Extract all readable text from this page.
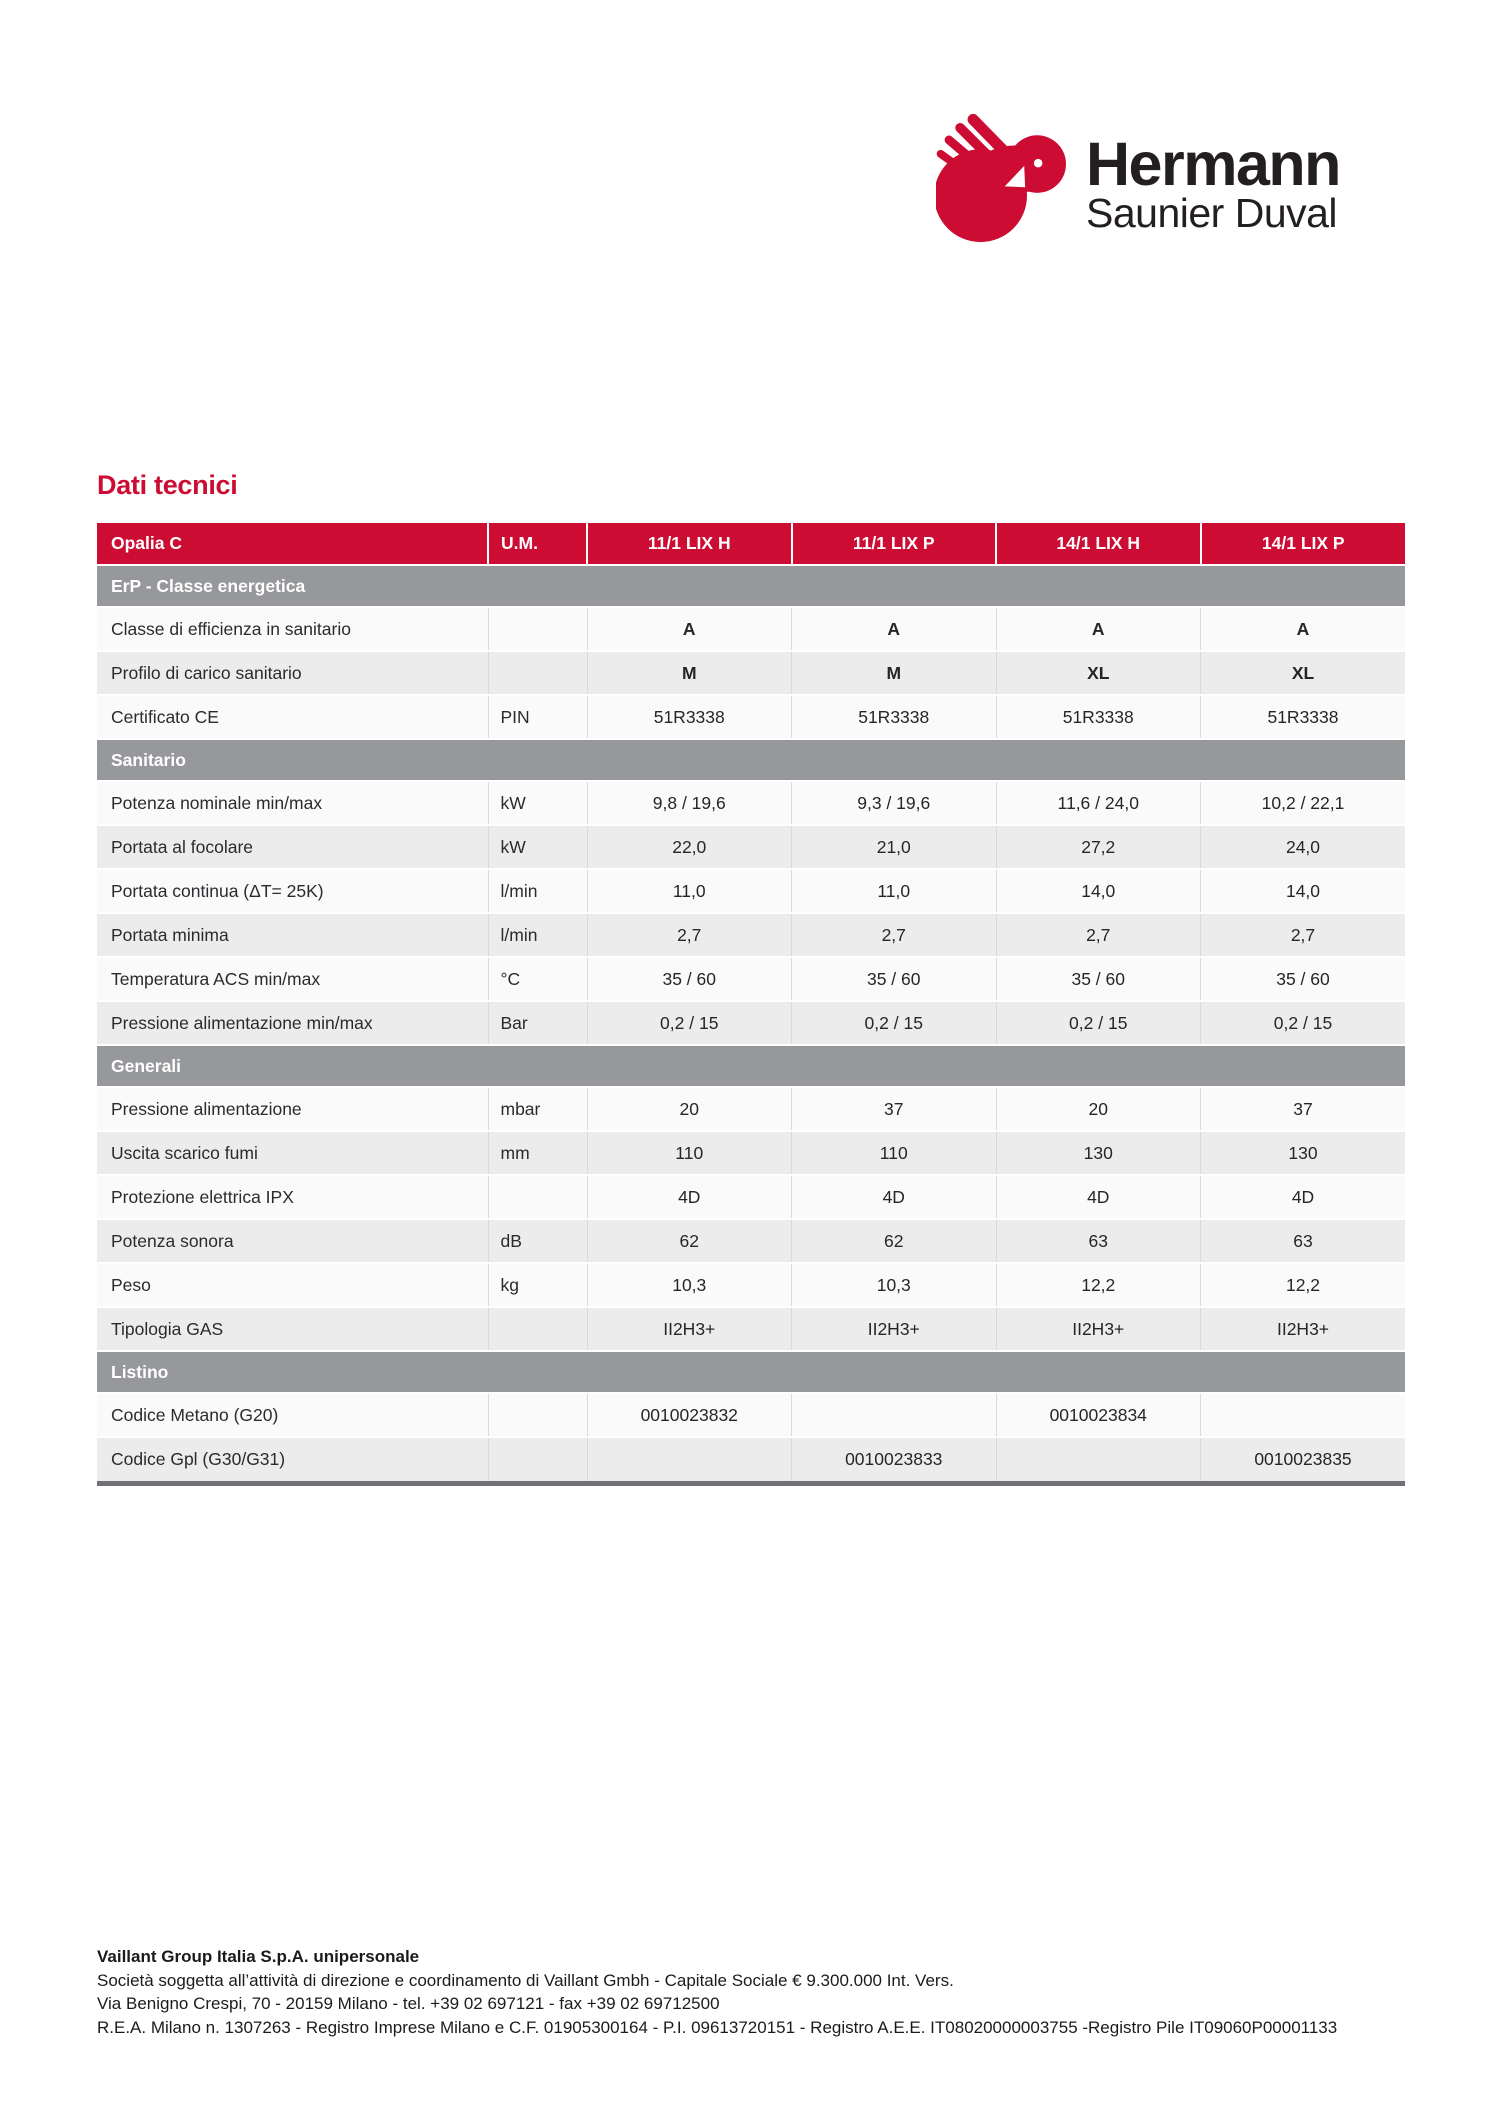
Hermann
Saunier Duval
Dati tecnici
Opalia C	U.M.	11/1 LIX H	11/1 LIX P	14/1 LIX H	14/1 LIX P
ErP - Classe energetica					
Classe di efficienza in sanitario		A	A	A	A
Profilo di carico sanitario		M	M	XL	XL
Certificato CE	PIN	51R3338	51R3338	51R3338	51R3338
Sanitario					
Potenza nominale min/max	kW	9,8 / 19,6	9,3 / 19,6	11,6 / 24,0	10,2 / 22,1
Portata al focolare	kW	22,0	21,0	27,2	24,0
Portata continua (ΔT= 25K)	l/min	11,0	11,0	14,0	14,0
Portata minima	l/min	2,7	2,7	2,7	2,7
Temperatura ACS min/max	°C	35 / 60	35 / 60	35 / 60	35 / 60
Pressione alimentazione min/max	Bar	0,2 / 15	0,2 / 15	0,2 / 15	0,2 / 15
Generali					
Pressione alimentazione	mbar	20	37	20	37
Uscita scarico fumi	mm	110	110	130	130
Protezione elettrica IPX		4D	4D	4D	4D
Potenza sonora	dB	62	62	63	63
Peso	kg	10,3	10,3	12,2	12,2
Tipologia GAS		II2H3+	II2H3+	II2H3+	II2H3+
Listino					
Codice Metano (G20)		0010023832		0010023834	
Codice Gpl (G30/G31)			0010023833		0010023835
Vaillant Group Italia S.p.A. unipersonale
Società soggetta all’attività di direzione e coordinamento di Vaillant Gmbh - Capitale Sociale € 9.300.000 Int. Vers.
Via Benigno Crespi, 70 - 20159 Milano - tel. +39 02 697121 - fax +39 02 69712500
R.E.A. Milano n. 1307263 - Registro Imprese Milano e C.F. 01905300164 - P.I. 09613720151 - Registro A.E.E. IT08020000003755 -Registro Pile IT09060P00001133
